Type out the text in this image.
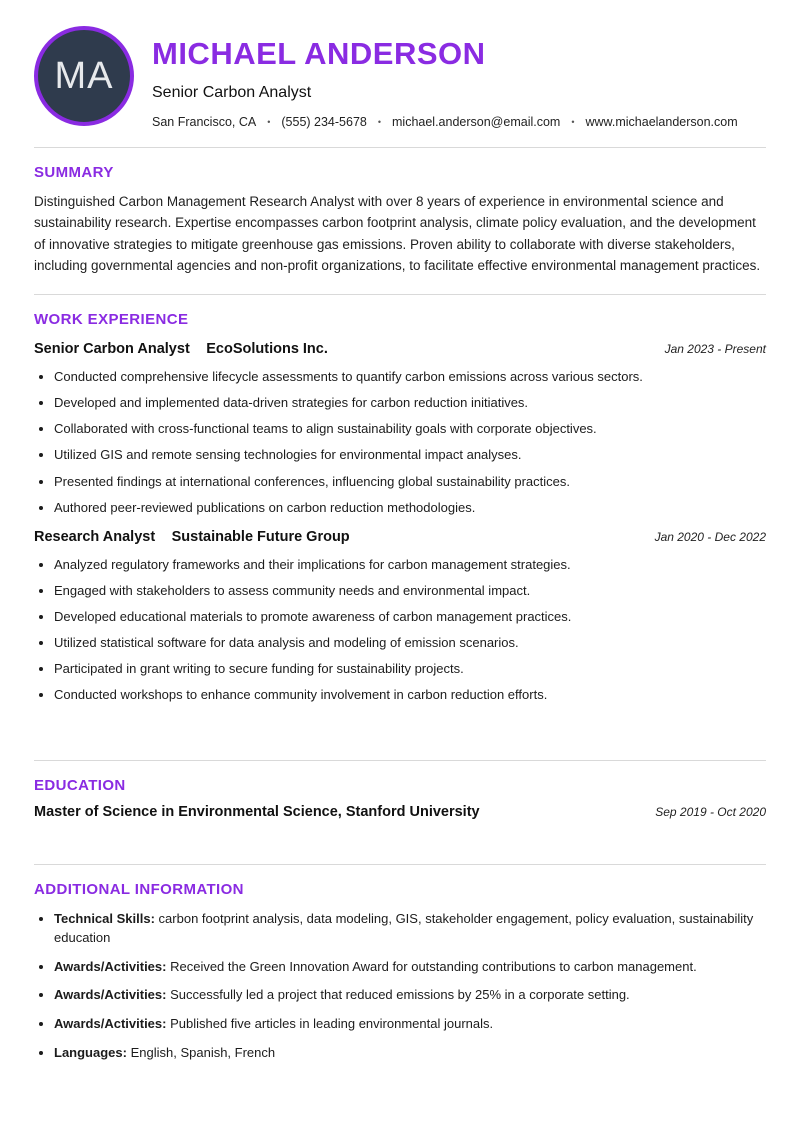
MA
MICHAEL ANDERSON
Senior Carbon Analyst
San Francisco, CA • (555) 234-5678 • michael.anderson@email.com • www.michaelanderson.com
SUMMARY

Distinguished Carbon Management Research Analyst with over 8 years of experience in environmental science and sustainability research. Expertise encompasses carbon footprint analysis, climate policy evaluation, and the development of innovative strategies to mitigate greenhouse gas emissions. Proven ability to collaborate with diverse stakeholders, including governmental agencies and non-profit organizations, to facilitate effective environmental management practices.

WORK EXPERIENCE
Senior Carbon Analyst EcoSolutions Inc.	Jan 2023 - Present
• Conducted comprehensive lifecycle assessments to quantify carbon emissions across various sectors.
• Developed and implemented data-driven strategies for carbon reduction initiatives.
• Collaborated with cross-functional teams to align sustainability goals with corporate objectives.
• Utilized GIS and remote sensing technologies for environmental impact analyses.
• Presented findings at international conferences, influencing global sustainability practices.
• Authored peer-reviewed publications on carbon reduction methodologies.
Research Analyst Sustainable Future Group	Jan 2020 - Dec 2022
• Analyzed regulatory frameworks and their implications for carbon management strategies.
• Engaged with stakeholders to assess community needs and environmental impact.
• Developed educational materials to promote awareness of carbon management practices.
• Utilized statistical software for data analysis and modeling of emission scenarios.
• Participated in grant writing to secure funding for sustainability projects.
• Conducted workshops to enhance community involvement in carbon reduction efforts.
EDUCATION
Master of Science in Environmental Science, Stanford University	Sep 2019 - Oct 2020
ADDITIONAL INFORMATION
• Technical Skills: carbon footprint analysis, data modeling, GIS, stakeholder engagement, policy evaluation, sustainability education
• Awards/Activities: Received the Green Innovation Award for outstanding contributions to carbon management.
• Awards/Activities: Successfully led a project that reduced emissions by 25% in a corporate setting.
• Awards/Activities: Published five articles in leading environmental journals.
• Languages: English, Spanish, French
